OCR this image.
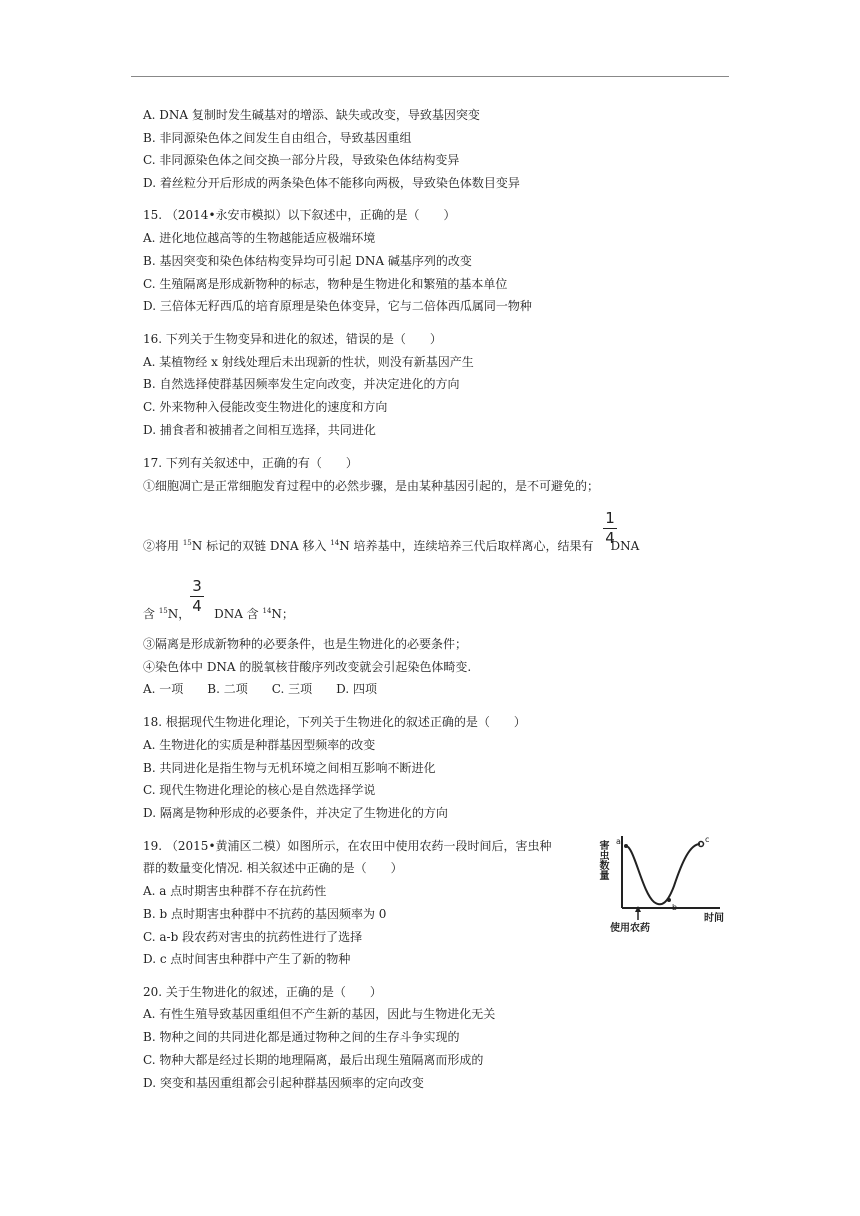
A. DNA 复制时发生碱基对的增添、缺失或改变，导致基因突变
B. 非同源染色体之间发生自由组合，导致基因重组
C. 非同源染色体之间交换一部分片段，导致染色体结构变异
D. 着丝粒分开后形成的两条染色体不能移向两极，导致染色体数目变异
15. （2014•永安市模拟）以下叙述中，正确的是（　　）
A. 进化地位越高等的生物越能适应极端环境
B. 基因突变和染色体结构变异均可引起 DNA 碱基序列的改变
C. 生殖隔离是形成新物种的标志，物种是生物进化和繁殖的基本单位
D. 三倍体无籽西瓜的培育原理是染色体变异，它与二倍体西瓜属同一物种
16. 下列关于生物变异和进化的叙述，错误的是（　　）
A. 某植物经 x 射线处理后未出现新的性状，则没有新基因产生
B. 自然选择使群基因频率发生定向改变，并决定进化的方向
C. 外来物种入侵能改变生物进化的速度和方向
D. 捕食者和被捕者之间相互选择，共同进化
17. 下列有关叙述中，正确的有（　　）
①细胞凋亡是正常细胞发育过程中的必然步骤，是由某种基因引起的，是不可避免的；
②将用 $^{15}$N 标记的双链 DNA 移入 $^{14}$N 培养基中，连续培养三代后取样离心，结果有 DNA
1
4
含 $^{15}$N， DNA 含 $^{14}$N；
3
4
③隔离是形成新物种的必要条件，也是生物进化的必要条件；
④染色体中 DNA 的脱氧核苷酸序列改变就会引起染色体畸变.
A. 一项　　B. 二项　　C. 三项　　D. 四项
18. 根据现代生物进化理论，下列关于生物进化的叙述正确的是（　　）
A. 生物进化的实质是种群基因型频率的改变
B. 共同进化是指生物与无机环境之间相互影响不断进化
C. 现代生物进化理论的核心是自然选择学说
D. 隔离是物种形成的必要条件，并决定了生物进化的方向
19. （2015•黄浦区二模）如图所示，在农田中使用农药一段时间后，害虫种
群的数量变化情况. 相关叙述中正确的是（　　）
A. a 点时期害虫种群不存在抗药性
B. b 点时期害虫种群中不抗药的基因频率为 0
C. a-b 段农药对害虫的抗药性进行了选择
D. c 点时间害虫种群中产生了新的物种
害虫数量 a
b
c
时间
使用农药
20. 关于生物进化的叙述，正确的是（　　）
A. 有性生殖导致基因重组但不产生新的基因，因此与生物进化无关
B. 物种之间的共同进化都是通过物种之间的生存斗争实现的
C. 物种大都是经过长期的地理隔离，最后出现生殖隔离而形成的
D. 突变和基因重组都会引起种群基因频率的定向改变
